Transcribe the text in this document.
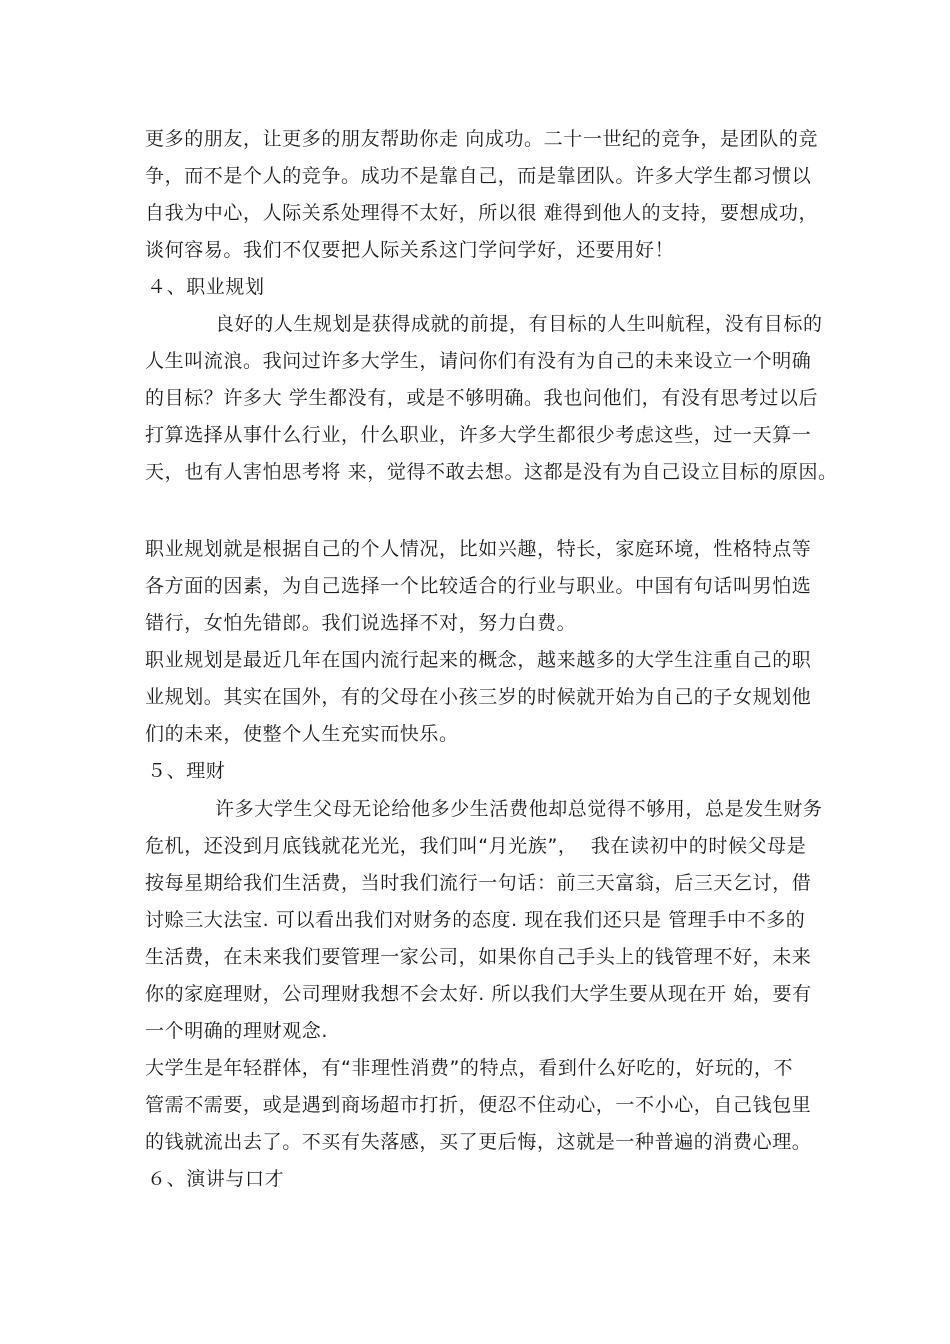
更多的朋友，让更多的朋友帮助你走 向成功。二十一世纪的竞争，是团队的竞
争，而不是个人的竞争。成功不是靠自己，而是靠团队。许多大学生都习惯以
自我为中心，人际关系处理得不太好，所以很 难得到他人的支持，要想成功，
谈何容易。我们不仅要把人际关系这门学问学好，还要用好！
４、职业规划
良好的人生规划是获得成就的前提，有目标的人生叫航程，没有目标的
人生叫流浪。我问过许多大学生，请问你们有没有为自己的未来设立一个明确
的目标？许多大 学生都没有，或是不够明确。我也问他们，有没有思考过以后
打算选择从事什么行业，什么职业，许多大学生都很少考虑这些，过一天算一
天，也有人害怕思考将 来，觉得不敢去想。这都是没有为自己设立目标的原因。
职业规划就是根据自己的个人情况，比如兴趣，特长，家庭环境，性格特点等
各方面的因素，为自己选择一个比较适合的行业与职业。中国有句话叫男怕选
错行，女怕先错郎。我们说选择不对，努力白费。
职业规划是最近几年在国内流行起来的概念，越来越多的大学生注重自己的职
业规划。其实在国外，有的父母在小孩三岁的时候就开始为自己的子女规划他
们的未来，使整个人生充实而快乐。
５、理财
许多大学生父母无论给他多少生活费他却总觉得不够用，总是发生财务
危机，还没到月底钱就花光光，我们叫“月光族”，  我在读初中的时候父母是
按每星期给我们生活费，当时我们流行一句话：前三天富翁，后三天乞讨，借
讨赊三大法宝. 可以看出我们对财务的态度. 现在我们还只是 管理手中不多的
生活费，在未来我们要管理一家公司，如果你自己手头上的钱管理不好，未来
你的家庭理财，公司理财我想不会太好. 所以我们大学生要从现在开 始，要有
一个明确的理财观念.
大学生是年轻群体，有“非理性消费”的特点，看到什么好吃的，好玩的，不
管需不需要，或是遇到商场超市打折，便忍不住动心，一不小心，自己钱包里
的钱就流出去了。不买有失落感，买了更后悔，这就是一种普遍的消费心理。
６、演讲与口才
